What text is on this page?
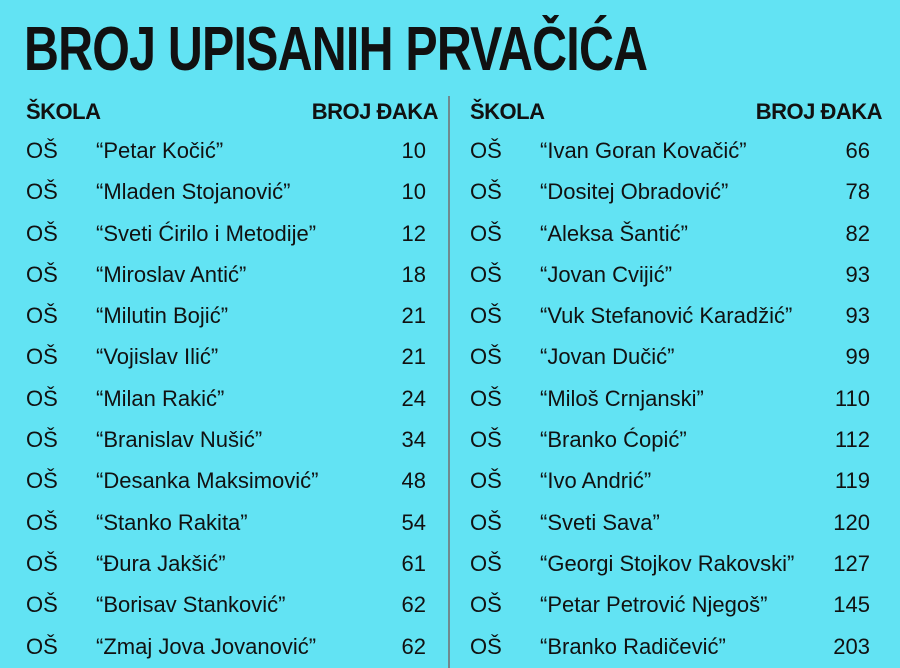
BROJ UPISANIH PRVAČIĆA
ŠKOLA	BROJ ĐAKA
OŠ “Petar Kočić”	10
OŠ “Mladen Stojanović”	10
OŠ “Sveti Ćirilo i Metodije”	12
OŠ “Miroslav Antić”	18
OŠ “Milutin Bojić”	21
OŠ “Vojislav Ilić”	21
OŠ “Milan Rakić”	24
OŠ “Branislav Nušić”	34
OŠ “Desanka Maksimović”	48
OŠ “Stanko Rakita”	54
OŠ “Đura Jakšić”	61
OŠ “Borisav Stanković”	62
OŠ “Zmaj Jova Jovanović”	62
ŠKOLA	BROJ ĐAKA
OŠ “Ivan Goran Kovačić”	66
OŠ “Dositej Obradović”	78
OŠ “Aleksa Šantić”	82
OŠ “Jovan Cvijić”	93
OŠ “Vuk Stefanović Karadžić” 93
OŠ “Jovan Dučić”	99
OŠ “Miloš Crnjanski”	110
OŠ “Branko Ćopić”	112
OŠ “Ivo Andrić”	119
OŠ “Sveti Sava”	120
OŠ “Georgi Stojkov Rakovski” 127
OŠ “Petar Petrović Njegoš”	145
OŠ “Branko Radičević”	203
